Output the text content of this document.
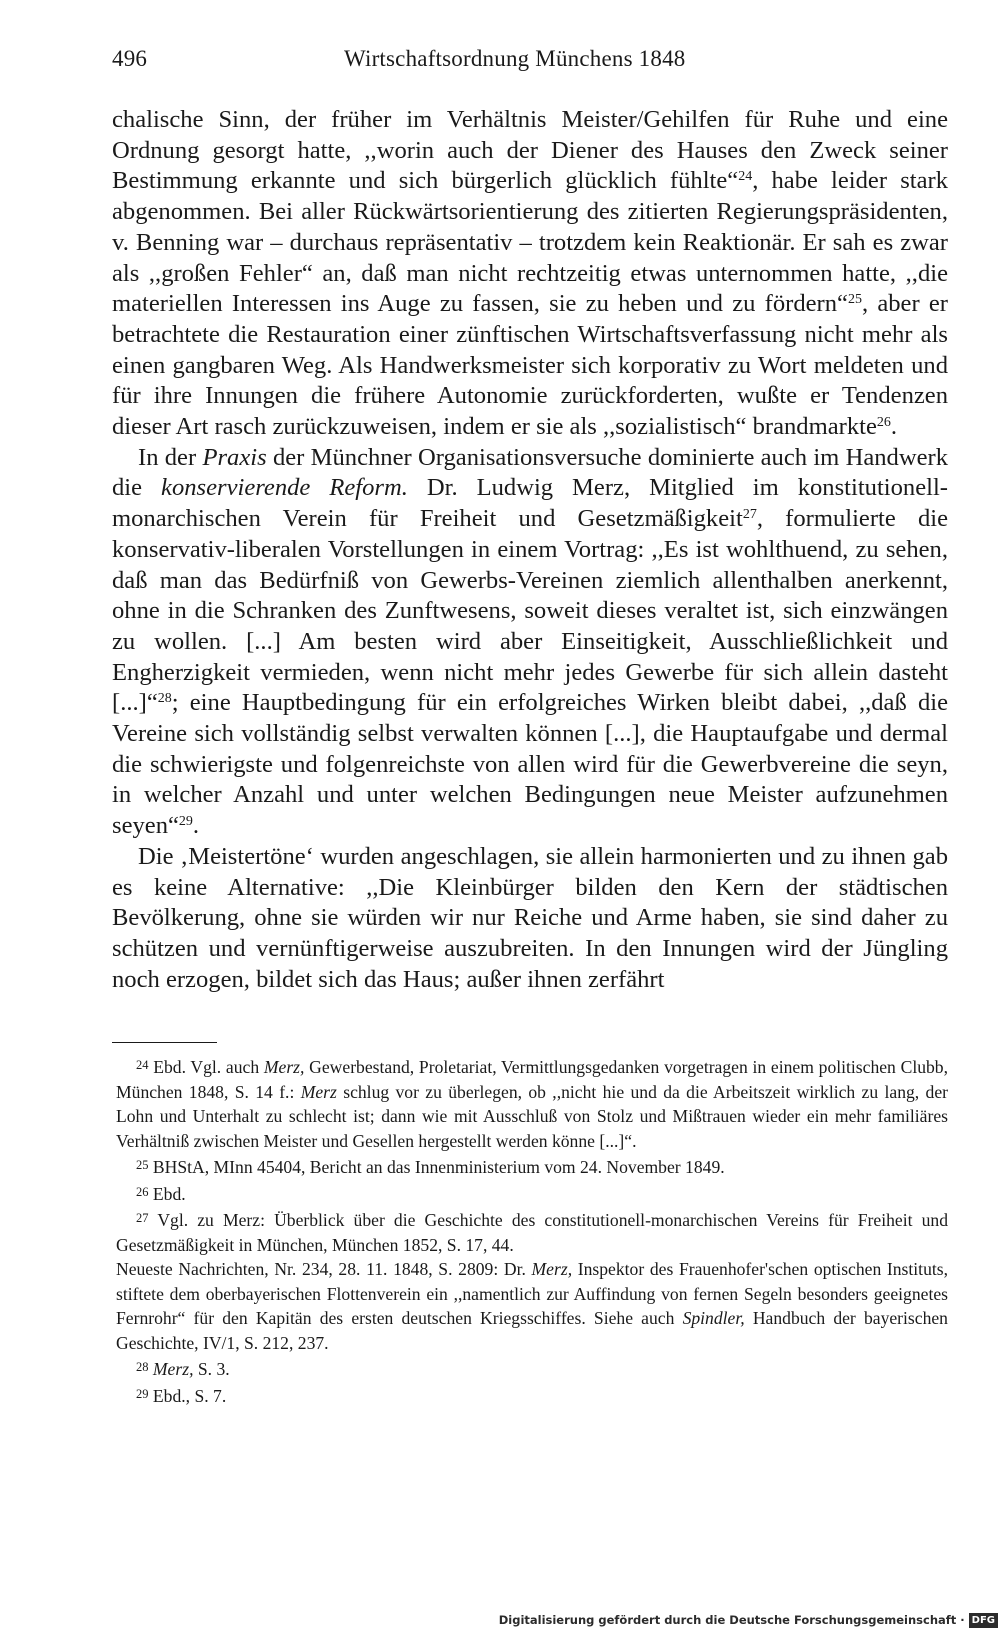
496	Wirtschaftsordnung Münchens 1848

chalische Sinn, der früher im Verhältnis Meister/Gehilfen für Ruhe und eine Ordnung gesorgt hatte, ,,worin auch der Diener des Hauses den Zweck seiner Bestimmung erkannte und sich bürgerlich glücklich fühlte“$^{24}$, habe leider stark abgenommen. Bei aller Rückwärtsorientierung des zitierten Regierungspräsidenten, v. Benning war – durchaus repräsentativ – trotzdem kein Reaktionär. Er sah es zwar als ,,großen Fehler“ an, daß man nicht rechtzeitig etwas unternommen hatte, ,,die materiellen Interessen ins Auge zu fassen, sie zu heben und zu fördern“$^{25}$, aber er betrachtete die Restauration einer zünftischen Wirtschaftsverfassung nicht mehr als einen gangbaren Weg. Als Handwerksmeister sich korporativ zu Wort meldeten und für ihre Innungen die frühere Autonomie zurückforderten, wußte er Tendenzen dieser Art rasch zurückzuweisen, indem er sie als ,,sozialistisch“ brandmarkte$^{26}$.

In der Praxis der Münchner Organisationsversuche dominierte auch im Handwerk die konservierende Reform. Dr. Ludwig Merz, Mitglied im konstitutionell-monarchischen Verein für Freiheit und Gesetzmäßigkeit$^{27}$, formulierte die konservativ-liberalen Vorstellungen in einem Vortrag: ,,Es ist wohlthuend, zu sehen, daß man das Bedürfniß von Gewerbs-Vereinen ziemlich allenthalben anerkennt, ohne in die Schranken des Zunftwesens, soweit dieses veraltet ist, sich einzwängen zu wollen. [...] Am besten wird aber Einseitigkeit, Ausschließlichkeit und Engherzigkeit vermieden, wenn nicht mehr jedes Gewerbe für sich allein dasteht [...]“$^{28}$; eine Hauptbedingung für ein erfolgreiches Wirken bleibt dabei, ,,daß die Vereine sich vollständig selbst verwalten können [...], die Hauptaufgabe und dermal die schwierigste und folgenreichste von allen wird für die Gewerbvereine die seyn, in welcher Anzahl und unter welchen Bedingungen neue Meister aufzunehmen seyen“$^{29}$.

Die ‚Meistertöne‘ wurden angeschlagen, sie allein harmonierten und zu ihnen gab es keine Alternative: ,,Die Kleinbürger bilden den Kern der städtischen Bevölkerung, ohne sie würden wir nur Reiche und Arme haben, sie sind daher zu schützen und vernünftigerweise auszubreiten. In den Innungen wird der Jüngling noch erzogen, bildet sich das Haus; außer ihnen zerfährt

$^{24}$ Ebd. Vgl. auch Merz, Gewerbestand, Proletariat, Vermittlungsgedanken vorgetragen in einem politischen Clubb, München 1848, S. 14 f.: Merz schlug vor zu überlegen, ob ,,nicht hie und da die Arbeitszeit wirklich zu lang, der Lohn und Unterhalt zu schlecht ist; dann wie mit Ausschluß von Stolz und Mißtrauen wieder ein mehr familiäres Verhältniß zwischen Meister und Gesellen hergestellt werden könne [...]“.

$^{25}$ BHStA, MInn 45404, Bericht an das Innenministerium vom 24. November 1849.

$^{26}$ Ebd.

$^{27}$ Vgl. zu Merz: Überblick über die Geschichte des constitutionell-monarchischen Vereins für Freiheit und Gesetzmäßigkeit in München, München 1852, S. 17, 44.

Neueste Nachrichten, Nr. 234, 28. 11. 1848, S. 2809: Dr. Merz, Inspektor des Frauenhofer'schen optischen Instituts, stiftete dem oberbayerischen Flottenverein ein ,,namentlich zur Auffindung von fernen Segeln besonders geeignetes Fernrohr“ für den Kapitän des ersten deutschen Kriegsschiffes. Siehe auch Spindler, Handbuch der bayerischen Geschichte, IV/1, S. 212, 237.

$^{28}$ Merz, S. 3.

$^{29}$ Ebd., S. 7.

Digitalisierung gefördert durch die Deutsche Forschungsgemeinschaft · DFG
